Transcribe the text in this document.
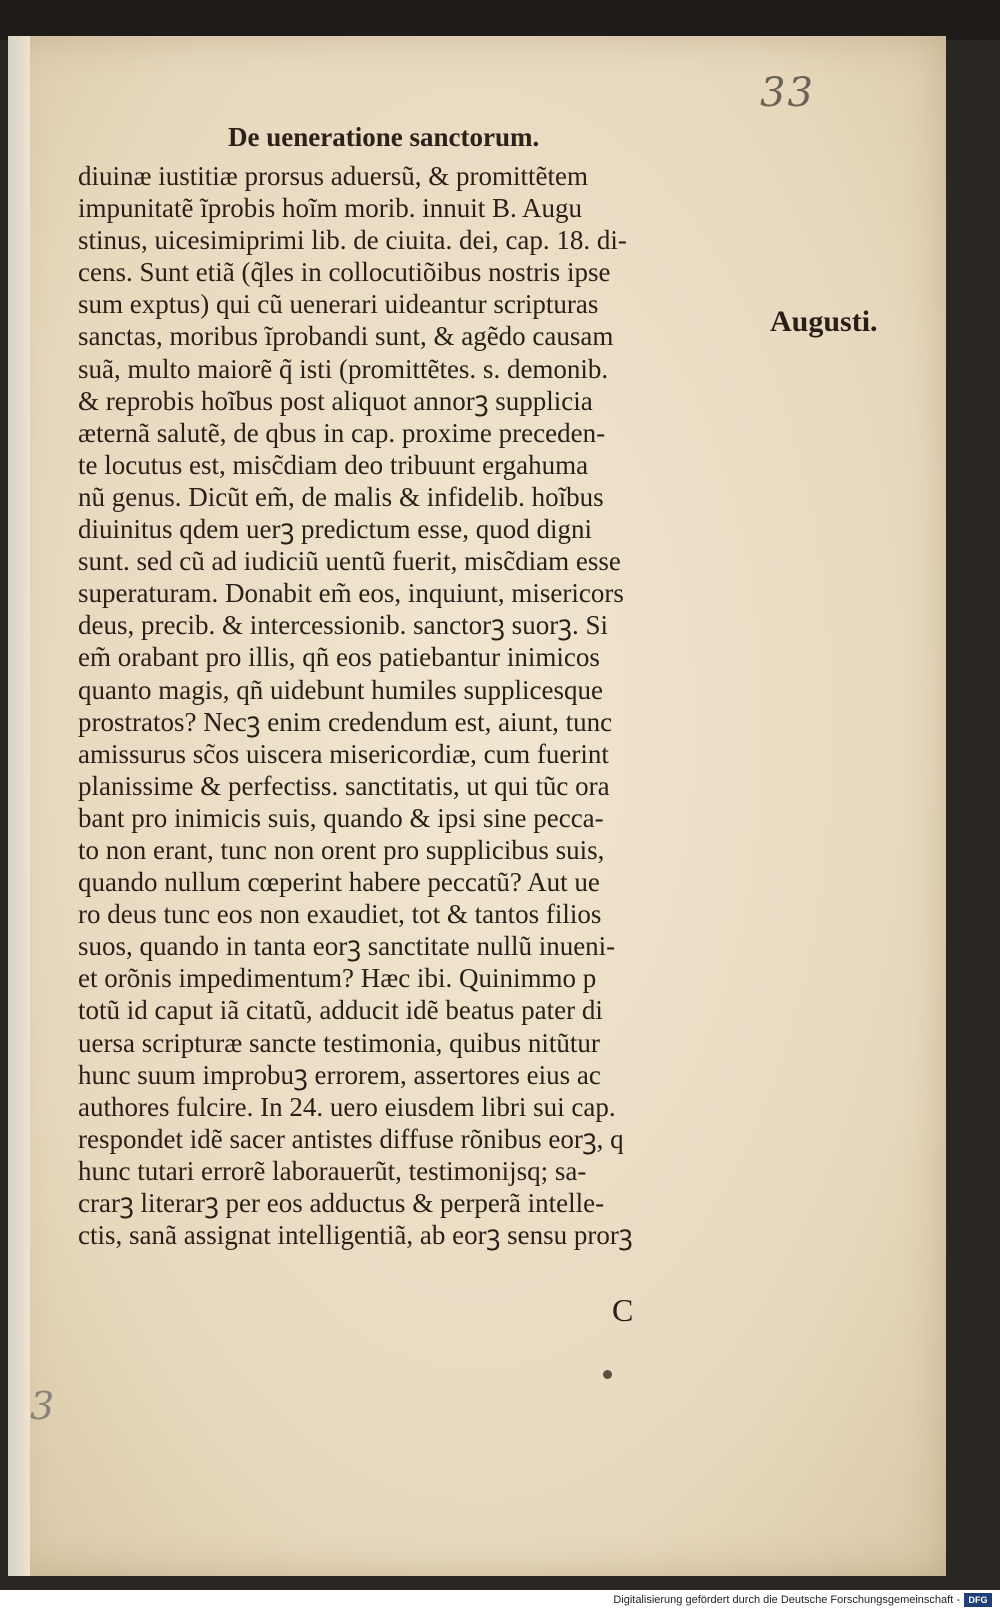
33
De ueneratione sanctorum.
diuinæ iustitiæ prorsus aduersũ, & promittẽtem
impunitatẽ ĩprobis hoĩm morib. innuit B. Augu
stinus, uicesimiprimi lib. de ciuita. dei, cap. 18. di-
cens. Sunt etiã (q̃les in collocutiõibus nostris ipse
sum exptus) qui cũ uenerari uideantur scripturas
sanctas, moribus ĩprobandi sunt, & agẽdo causam
suã, multo maiorẽ q̃ isti (promittẽtes. s. demonib.
& reprobis hoĩbus post aliquot annorꝫ supplicia
æternã salutẽ, de qbus in cap. proxime preceden-
te locutus est, misc̃diam deo tribuunt ergahuma
nũ genus. Dicũt em̃, de malis & infidelib. hoĩbus
diuinitus qdem uerꝫ predictum esse, quod digni
sunt. sed cũ ad iudiciũ uentũ fuerit, misc̃diam esse
superaturam. Donabit em̃ eos, inquiunt, misericors
deus, precib. & intercessionib. sanctorꝫ suorꝫ. Si
em̃ orabant pro illis, qñ eos patiebantur inimicos
quanto magis, qñ uidebunt humiles supplicesque
prostratos? Necꝫ enim credendum est, aiunt, tunc
amissurus sc̃os uiscera misericordiæ, cum fuerint
planissime & perfectiss. sanctitatis, ut qui tũc ora
bant pro inimicis suis, quando & ipsi sine pecca-
to non erant, tunc non orent pro supplicibus suis,
quando nullum cœperint habere peccatũ? Aut ue
ro deus tunc eos non exaudiet, tot & tantos filios
suos, quando in tanta eorꝫ sanctitate nullũ inueni-
et orõnis impedimentum? Hæc ibi. Quinimmo p
totũ id caput iã citatũ, adducit idẽ beatus pater di
uersa scripturæ sancte testimonia, quibus nitũtur
hunc suum improbuꝫ errorem, assertores eius ac
authores fulcire. In 24. uero eiusdem libri sui cap.
respondet idẽ sacer antistes diffuse rõnibus eorꝫ, q
hunc tutari errorẽ laborauerũt, testimonijsq; sa-
crarꝫ literarꝫ per eos adductus & perperã intelle-
ctis, sanã assignat intelligentiã, ab eorꝫ sensu prorꝫ
Augusti.
C
3
Digitalisierung gefördert durch die Deutsche Forschungsgemeinschaft - DFG
